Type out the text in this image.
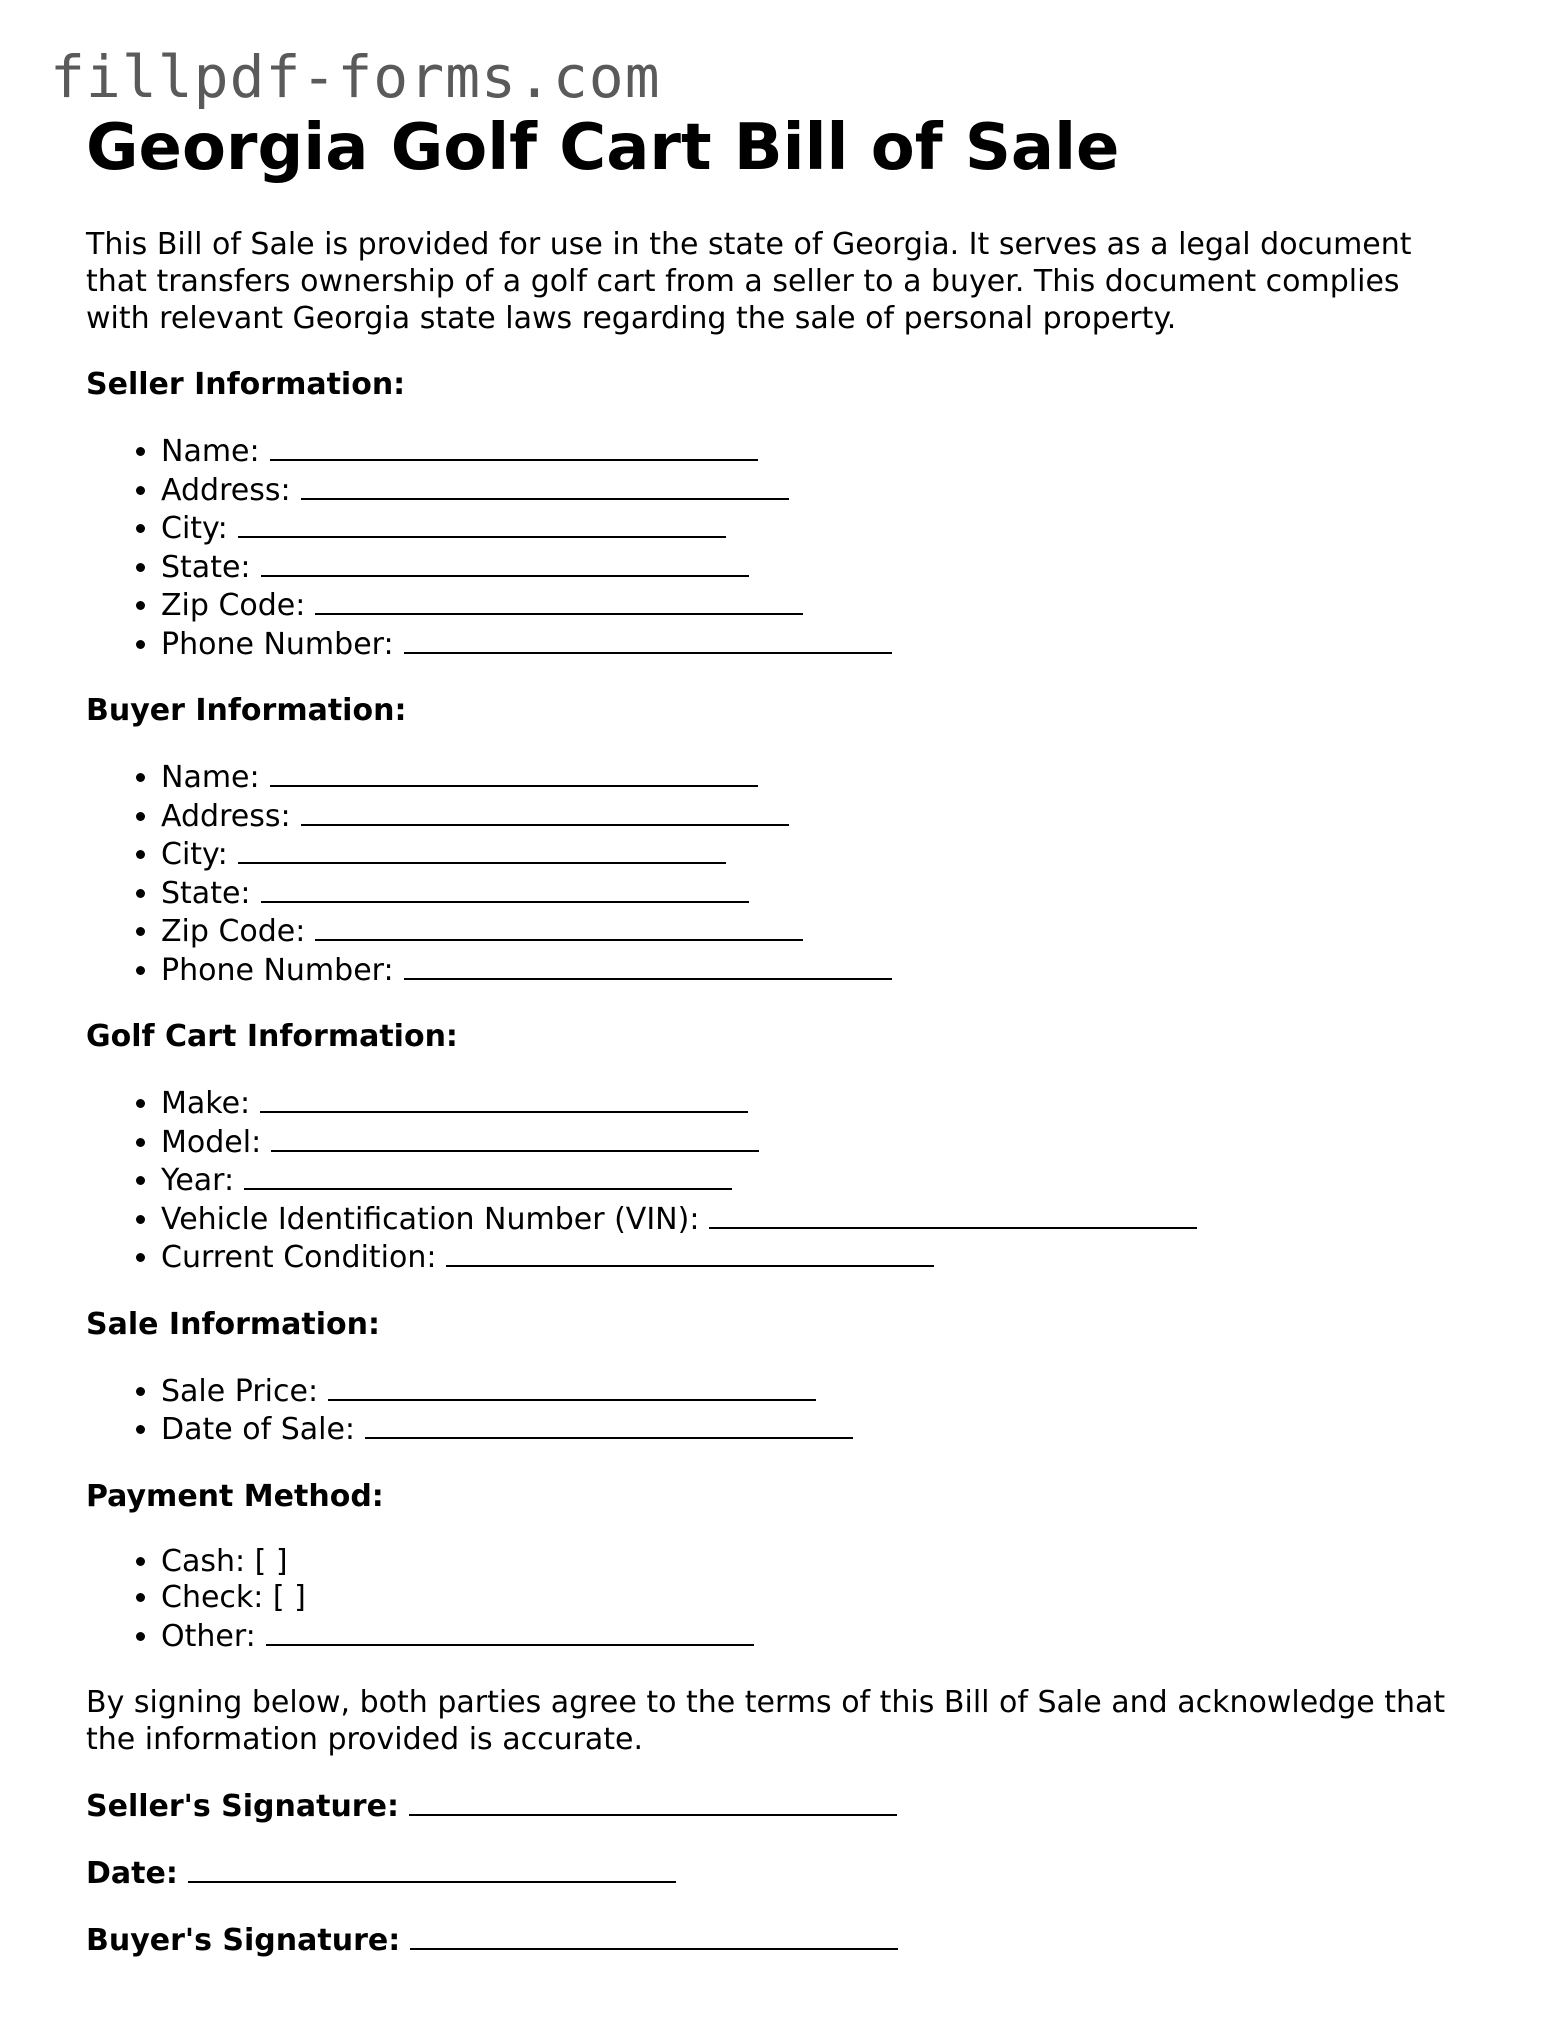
fillpdf-forms.com
Georgia Golf Cart Bill of Sale

This Bill of Sale is provided for use in the state of Georgia. It serves as a legal document that transfers ownership of a golf cart from a seller to a buyer. This document complies with relevant Georgia state laws regarding the sale of personal property.

Seller Information:

• Name:
• Address:
• City:
• State:
• Zip Code:
• Phone Number:

Buyer Information:

• Name:
• Address:
• City:
• State:
• Zip Code:
• Phone Number:

Golf Cart Information:

• Make:
• Model:
• Year:
• Vehicle Identification Number (VIN):
• Current Condition:

Sale Information:

• Sale Price:
• Date of Sale:

Payment Method:

• Cash: [ ]
• Check: [ ]
• Other:

By signing below, both parties agree to the terms of this Bill of Sale and acknowledge that the information provided is accurate.

Seller's Signature:

Date:

Buyer's Signature:
